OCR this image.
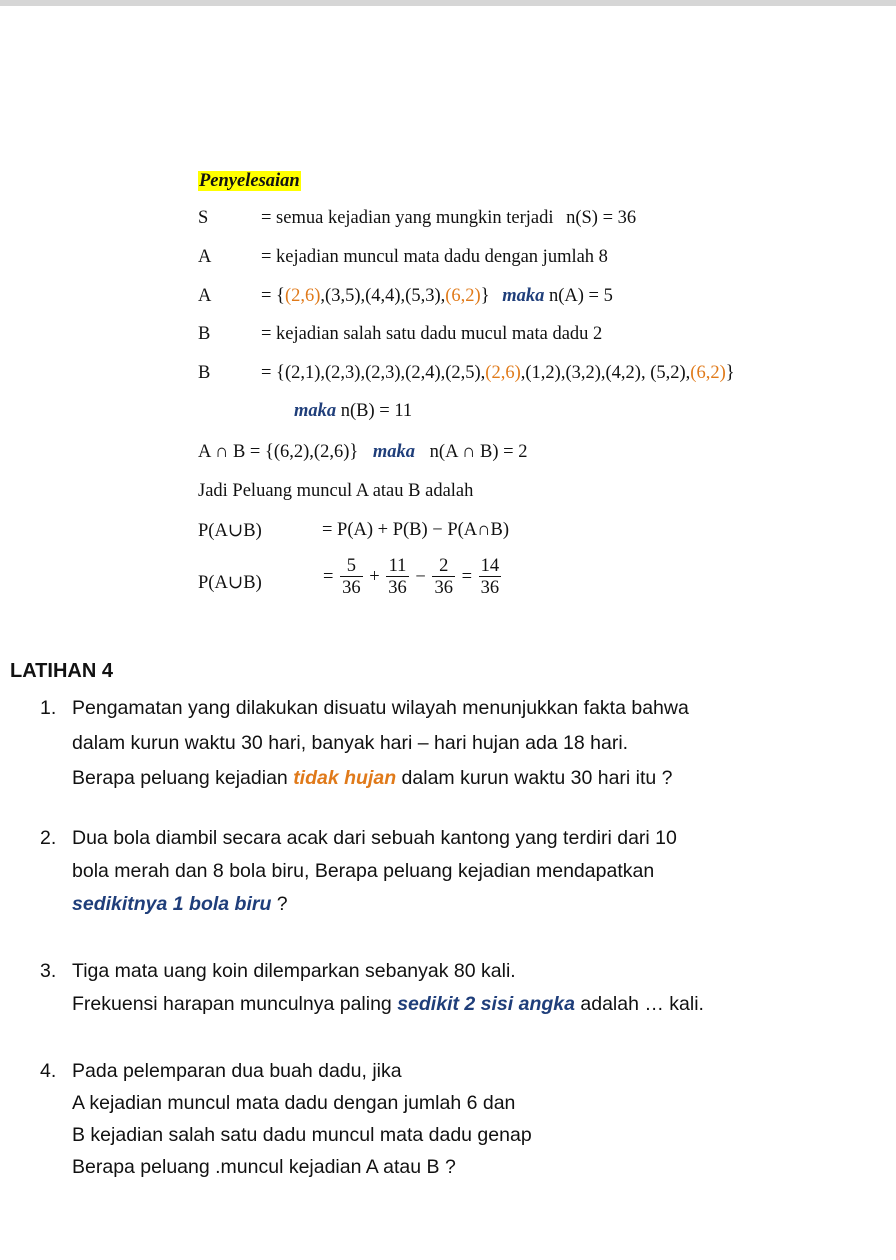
Penyelesaian
S	= semua kejadian yang mungkin terjadi n(S) = 36
A	= kejadian muncul mata dadu dengan jumlah 8
A	= {(2,6),(3,5),(4,4),(5,3),(6,2)} maka n(A) = 5
B	= kejadian salah satu dadu mucul mata dadu 2
B	= {(2,1),(2,3),(2,3),(2,4),(2,5),(2,6),(1,2),(3,2),(4,2), (5,2),(6,2)}
maka n(B) = 11
A ∩ B = {(6,2),(2,6)} maka n(A ∩ B) = 2
Jadi Peluang muncul A atau B adalah
P(A∪B)	= P(A) + P(B) − P(A∩B)
P(A∪B)	= $\frac{5}{36} + \frac{11}{36} - \frac{2}{36} = \frac{14}{36}$
LATIHAN 4
1. Pengamatan yang dilakukan disuatu wilayah menunjukkan fakta bahwa
dalam kurun waktu 30 hari, banyak hari – hari hujan ada 18 hari.
Berapa peluang kejadian tidak hujan dalam kurun waktu 30 hari itu ?
2. Dua bola diambil secara acak dari sebuah kantong yang terdiri dari 10
bola merah dan 8 bola biru, Berapa peluang kejadian mendapatkan
sedikitnya 1 bola biru ?
3. Tiga mata uang koin dilemparkan sebanyak 80 kali.
Frekuensi harapan munculnya paling sedikit 2 sisi angka adalah … kali.
4. Pada pelemparan dua buah dadu, jika
A kejadian muncul mata dadu dengan jumlah 6 dan
B kejadian salah satu dadu muncul mata dadu genap
Berapa peluang .muncul kejadian A atau B ?
